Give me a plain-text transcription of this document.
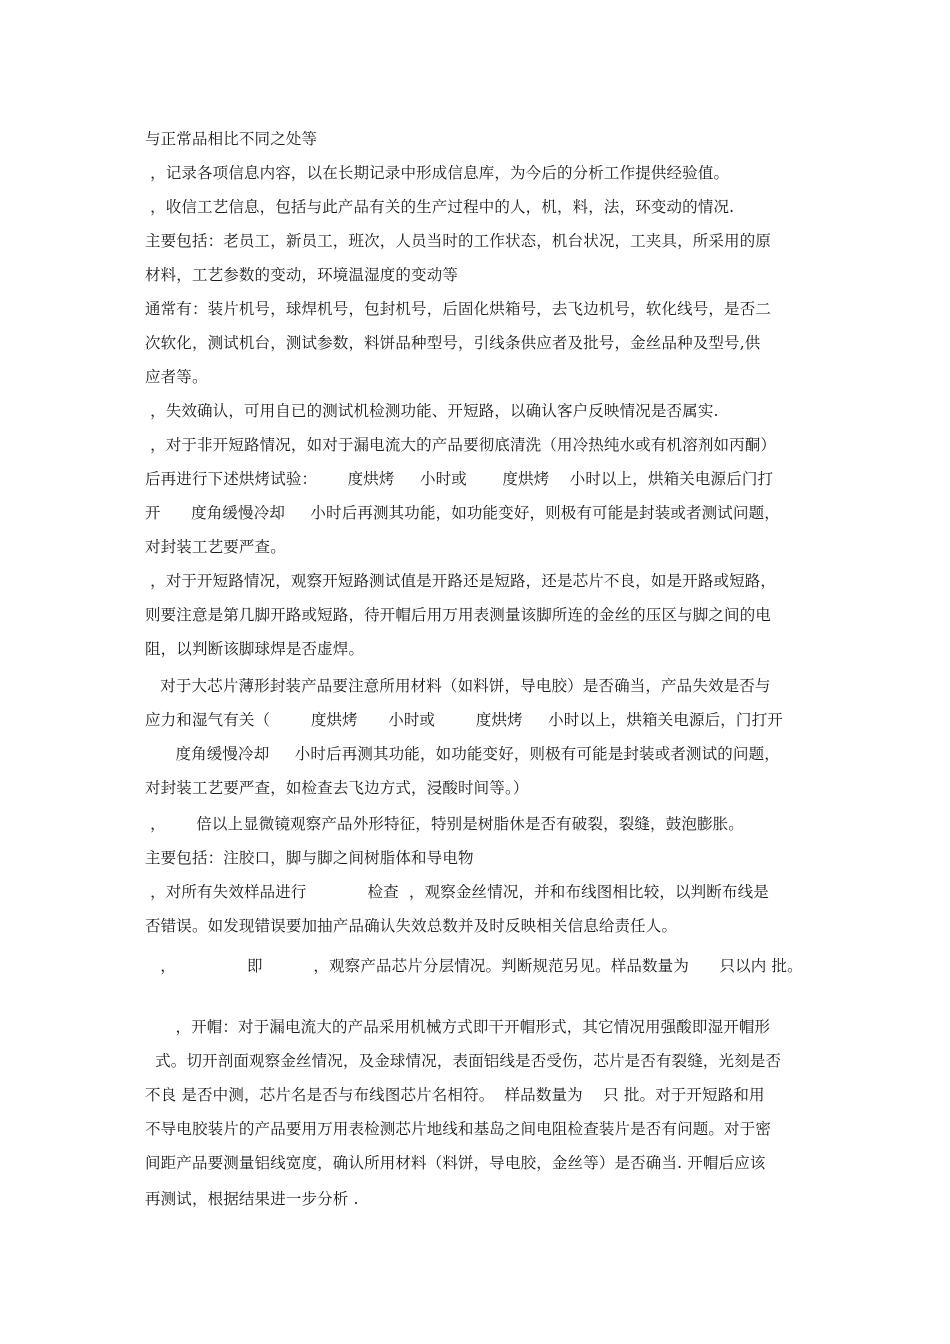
与正常品相比不同之处等
，记录各项信息内容，以在长期记录中形成信息库，为今后的分析工作提供经验值。
，收信工艺信息，包括与此产品有关的生产过程中的人，机，料，法，环变动的情况.
主要包括：老员工，新员工，班次，人员当时的工作状态，机台状况，工夹具，所采用的原
材料，工艺参数的变动，环境温湿度的变动等
通常有：装片机号，球焊机号，包封机号，后固化烘箱号，去飞边机号，软化线号，是否二
次软化，测试机台，测试参数，料饼品种型号，引线条供应者及批号，金丝品种及型号,供
应者等。
，失效确认，可用自已的测试机检测功能、开短路，以确认客户反映情况是否属实.
，对于非开短路情况，如对于漏电流大的产品要彻底清洗（用冷热纯水或有机溶剂如丙酮）
后再进行下述烘烤试验：      度烘烤     小时或       度烘烤    小时以上，烘箱关电源后门打
开      度角缓慢冷却     小时后再测其功能，如功能变好，则极有可能是封装或者测试问题，
对封装工艺要严查。
，对于开短路情况，观察开短路测试值是开路还是短路，还是芯片不良，如是开路或短路，
则要注意是第几脚开路或短路，待开帽后用万用表测量该脚所连的金丝的压区与脚之间的电
阻，以判断该脚球焊是否虚焊。
对于大芯片薄形封装产品要注意所用材料（如料饼，导电胶）是否确当，产品失效是否与
应力和湿气有关（        度烘烤      小时或        度烘烤     小时以上，烘箱关电源后，门打开
度角缓慢冷却     小时后再测其功能，如功能变好，则极有可能是封装或者测试的问题，
对封装工艺要严查，如检查去飞边方式，浸酸时间等。）
，      倍以上显微镜观察产品外形特征，特别是树脂休是否有破裂，裂缝，鼓泡膨胀。
主要包括：注胶口，脚与脚之间树脂体和导电物
，对所有失效样品进行            检查  ，观察金丝情况，并和布线图相比较，以判断布线是
否错误。如发现错误要加抽产品确认失效总数并及时反映相关信息给责任人。
，              即          ，观察产品芯片分层情况。判断规范另见。样品数量为      只以内 批。
，开帽：对于漏电流大的产品采用机械方式即干开帽形式，其它情况用强酸即湿开帽形
式。切开剖面观察金丝情况，及金球情况，表面铝线是否受伤，芯片是否有裂缝，光刻是否
不良 是否中测，芯片名是否与布线图芯片名相符。  样品数量为    只 批。对于开短路和用
不导电胶装片的产品要用万用表检测芯片地线和基岛之间电阻检查装片是否有问题。对于密
间距产品要测量铝线宽度，确认所用材料（料饼，导电胶，金丝等）是否确当. 开帽后应该
再测试，根据结果进一步分析 .
